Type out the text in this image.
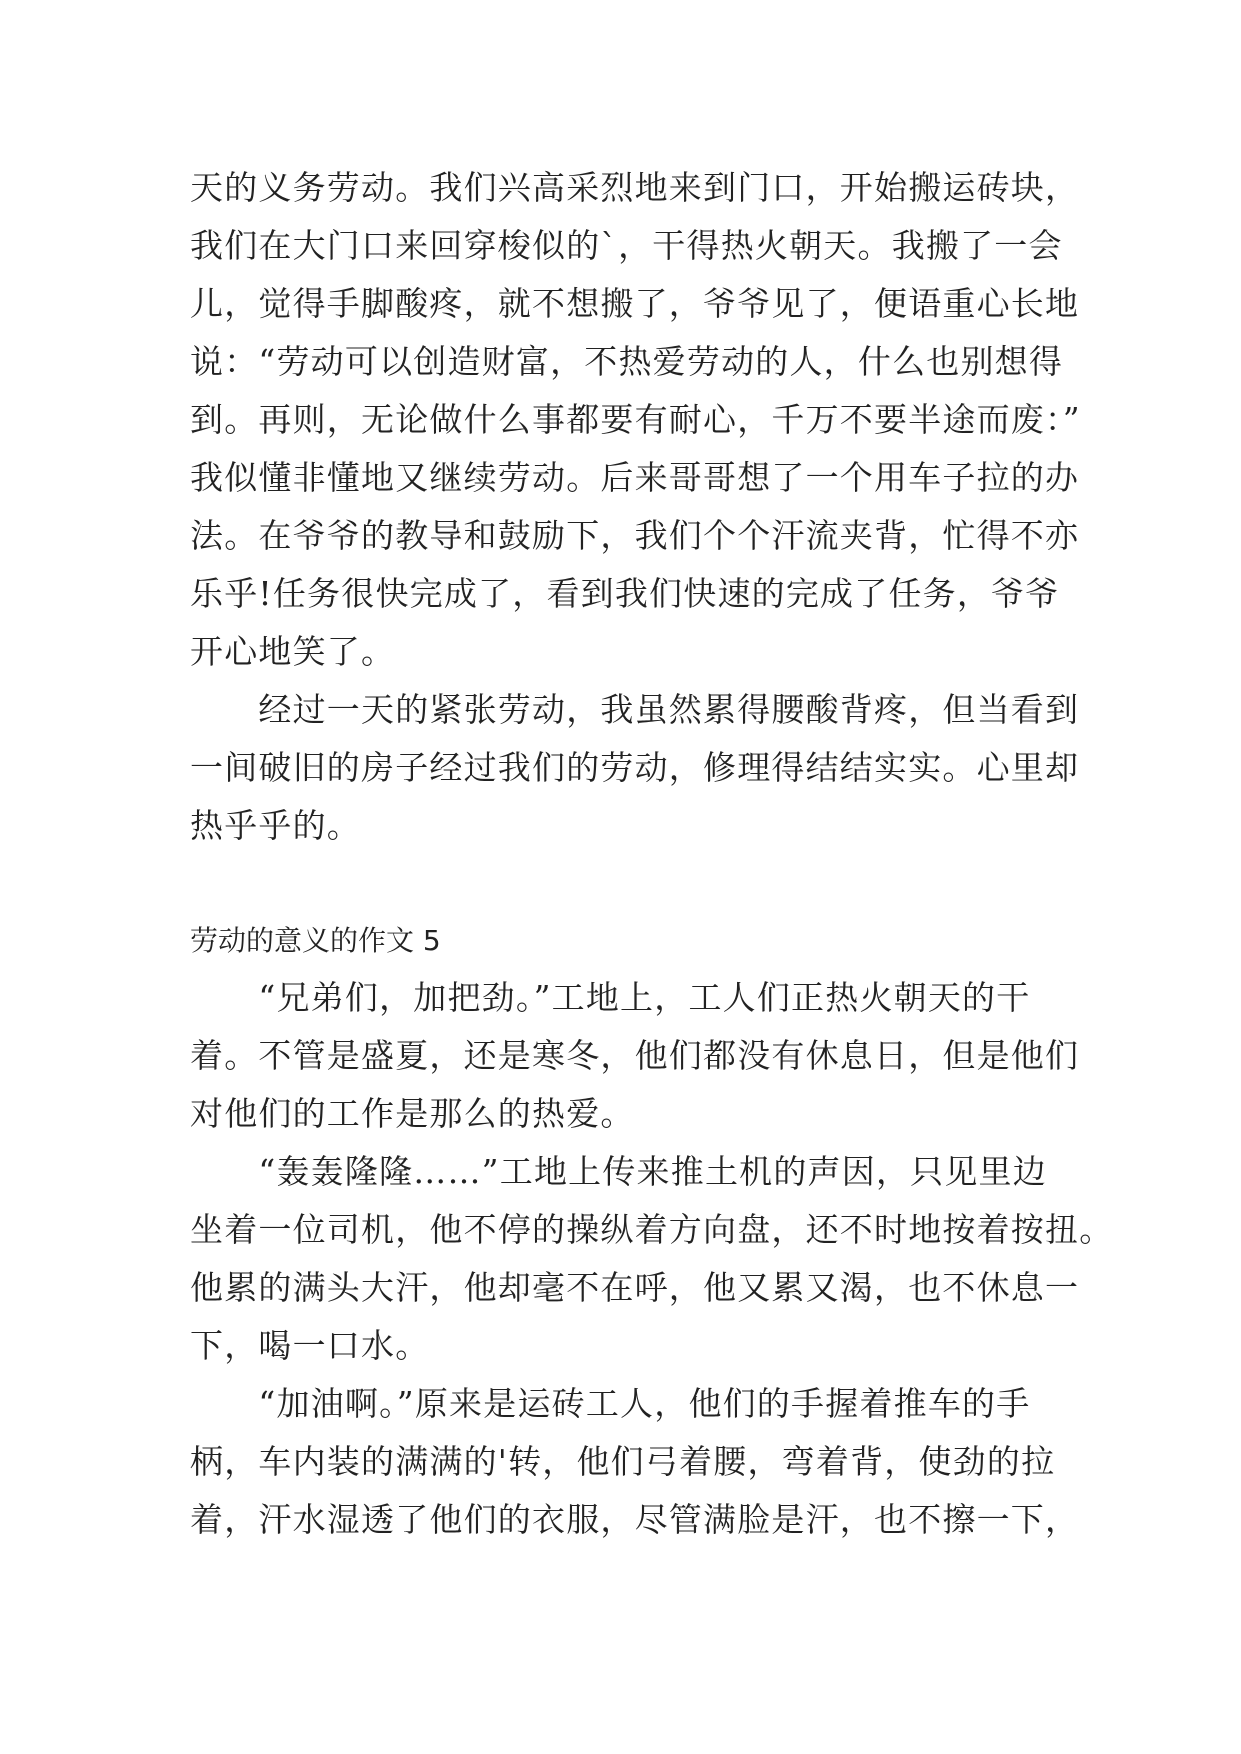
天的义务劳动。我们兴高采烈地来到门口，开始搬运砖块，
我们在大门口来回穿梭似的`，干得热火朝天。我搬了一会
儿，觉得手脚酸疼，就不想搬了，爷爷见了，便语重心长地
说：“劳动可以创造财富，不热爱劳动的人，什么也别想得
到。再则，无论做什么事都要有耐心，千万不要半途而废：”
我似懂非懂地又继续劳动。后来哥哥想了一个用车子拉的办
法。在爷爷的教导和鼓励下，我们个个汗流夹背，忙得不亦
乐乎!任务很快完成了，看到我们快速的完成了任务，爷爷
开心地笑了。
　　经过一天的紧张劳动，我虽然累得腰酸背疼，但当看到
一间破旧的房子经过我们的劳动，修理得结结实实。心里却
热乎乎的。
劳动的意义的作文 5
　　“兄弟们，加把劲。”工地上，工人们正热火朝天的干
着。不管是盛夏，还是寒冬，他们都没有休息日，但是他们
对他们的工作是那么的热爱。
　　“轰轰隆隆……”工地上传来推土机的声因，只见里边
坐着一位司机，他不停的操纵着方向盘，还不时地按着按扭。
他累的满头大汗，他却毫不在呼，他又累又渴，也不休息一
下，喝一口水。
　　“加油啊。”原来是运砖工人，他们的手握着推车的手
柄，车内装的满满的'转，他们弓着腰，弯着背，使劲的拉
着，汗水湿透了他们的衣服，尽管满脸是汗，也不擦一下，
